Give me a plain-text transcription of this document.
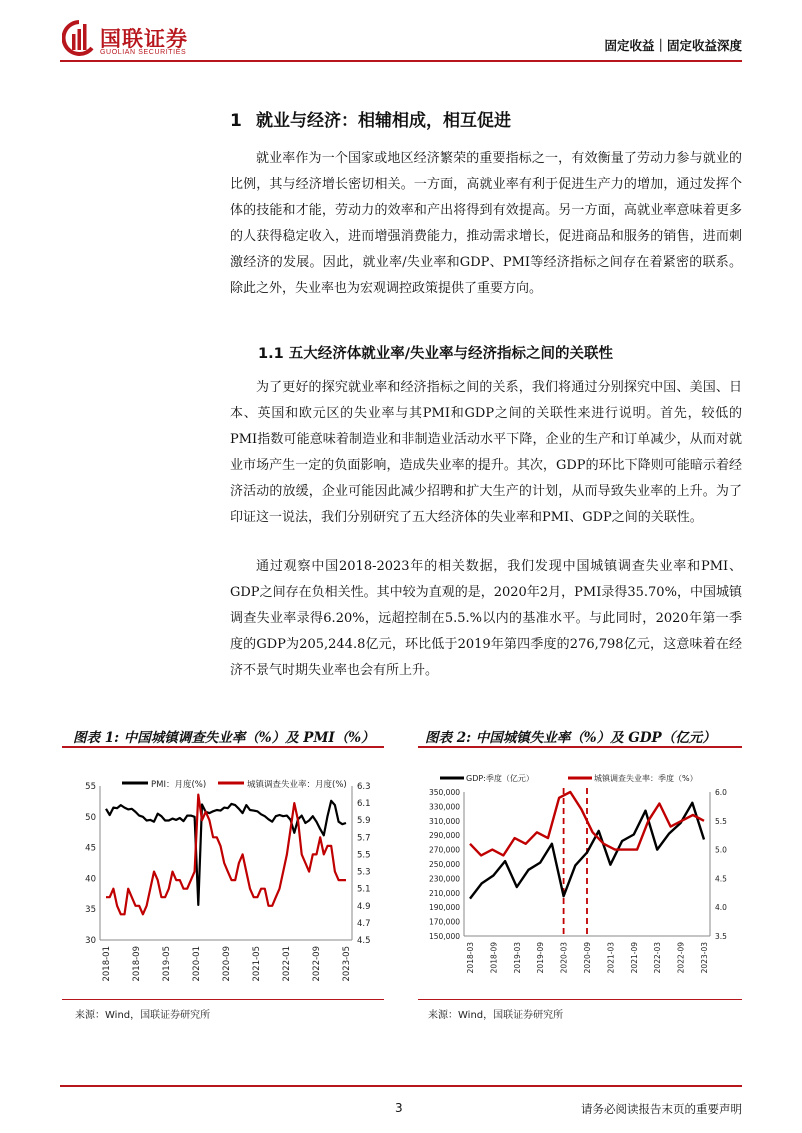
国联证券
GUOLIAN SECURITIES	固定收益｜固定收益深度
1 就业与经济：相辅相成，相互促进
就业率作为一个国家或地区经济繁荣的重要指标之一，有效衡量了劳动力参与就业的比例，其与经济增长密切相关。一方面，高就业率有利于促进生产力的增加，通过发挥个体的技能和才能，劳动力的效率和产出将得到有效提高。另一方面，高就业率意味着更多的人获得稳定收入，进而增强消费能力，推动需求增长，促进商品和服务的销售，进而刺激经济的发展。因此，就业率/失业率和GDP、PMI等经济指标之间存在着紧密的联系。除此之外，失业率也为宏观调控政策提供了重要方向。
1.1 五大经济体就业率/失业率与经济指标之间的关联性
为了更好的探究就业率和经济指标之间的关系，我们将通过分别探究中国、美国、日本、英国和欧元区的失业率与其PMI和GDP之间的关联性来进行说明。首先，较低的PMI指数可能意味着制造业和非制造业活动水平下降，企业的生产和订单减少，从而对就业市场产生一定的负面影响，造成失业率的提升。其次，GDP的环比下降则可能暗示着经济活动的放缓，企业可能因此减少招聘和扩大生产的计划，从而导致失业率的上升。为了印证这一说法，我们分别研究了五大经济体的失业率和PMI、GDP之间的关联性。
通过观察中国2018-2023年的相关数据，我们发现中国城镇调查失业率和PMI、GDP之间存在负相关性。其中较为直观的是，2020年2月，PMI录得35.70%，中国城镇调查失业率录得6.20%，远超控制在5.5.%以内的基准水平。与此同时，2020年第一季度的GDP为205,244.8亿元，环比低于2019年第四季度的276,798亿元，这意味着在经济不景气时期失业率也会有所上升。
图表 1: 中国城镇调查失业率（%）及 PMI（%）
PMI：月度(%)	城镇调查失业率：月度(%)
55
50
45
40
35
30
6.3
6.1
5.9
5.7
5.5
5.3
5.1
4.9
4.7
4.5
2018-01 2018-09 2019-05 2020-01 2020-09 2021-05 2022-01 2022-09 2023-05
来源：Wind，国联证券研究所
图表 2: 中国城镇失业率（%）及 GDP（亿元）
GDP:季度（亿元）	城镇调查失业率：季度（%）
350,000
330,000
310,000
290,000
270,000
250,000
230,000
210,000
190,000
170,000
150,000
6.0
5.5
5.0
4.5
4.0
3.5
2018-03 2018-09 2019-03 2019-09 2020-03 2020-09 2021-03 2021-09 2022-03 2022-09 2023-03
来源：Wind，国联证券研究所
3	请务必阅读报告末页的重要声明
